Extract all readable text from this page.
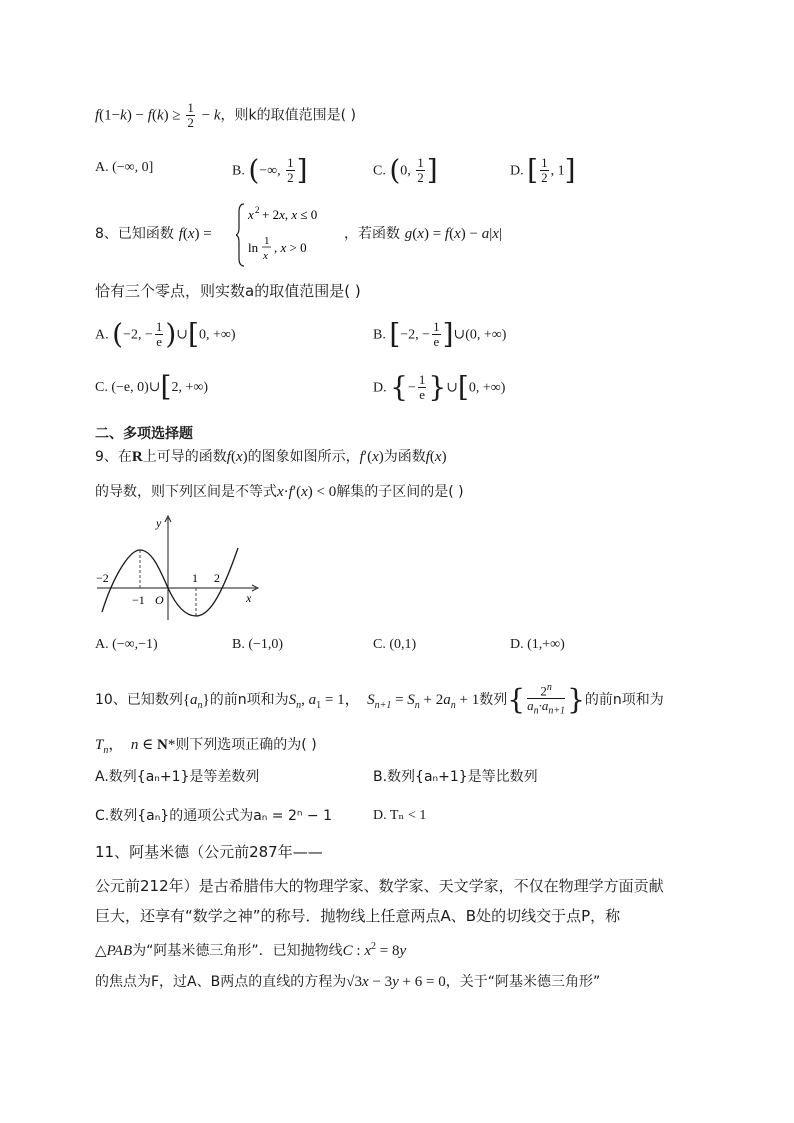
$f(1-k) - f(k) \ge \frac{1}{2} - k$，则k的取值范围是( )
A. (−∞, 0]	B. (−∞, $\frac{1}{2}$ ]	C. (0, $\frac{1}{2}$ ]	D. [ $\frac{1}{2}$ , 1]
8、已知函数 f(x) =
x 2 + 2x, x ≤ 0
ln 1
x
, x > 0
，若函数 g(x) = f(x) − a|x|
恰有三个零点，则实数a的取值范围是( )
A. (−2, − $\frac{1}{e}$ )∪[0, +∞)	B. [−2, − $\frac{1}{e}$ ]∪(0, +∞)
C. (−e, 0)∪[2, +∞)	D. {− $\frac{1}{e}$ }∪[0, +∞)
二、多项选择题
9、在R上可导的函数f(x)的图象如图所示，f′(x)为函数f(x)
的导数，则下列区间是不等式x·f′(x) < 0解集的子区间的是( )
y
x
−2
−1 O
1 2
A. (−∞,−1)	B. (−1,0)	C. (0,1)	D. (1,+∞)
10、已知数列$\{a_n\}$的前n项和为$S_n$, $a_1 = 1$， $S_{n+1} = S_n + 2a_n + 1$数列{ $\frac{2^n}{a_n\cdot a_{n+1}}$ }的前n项和为
$T_n$， n ∈ N*则下列选项正确的为( )
A.数列{aₙ+1}是等差数列	B.数列{aₙ+1}是等比数列
C.数列{aₙ}的通项公式为aₙ = 2ⁿ − 1	D. Tₙ < 1
11、阿基米德（公元前287年——
公元前212年）是古希腊伟大的物理学家、数学家、天文学家，不仅在物理学方面贡献
巨大，还享有“数学之神”的称号．抛物线上任意两点A、B处的切线交于点P，称
△PAB为“阿基米德三角形”．已知抛物线C : $x^2 = 8y$
的焦点为F，过A、B两点的直线的方程为√3x − 3y + 6 = 0，关于“阿基米德三角形”
